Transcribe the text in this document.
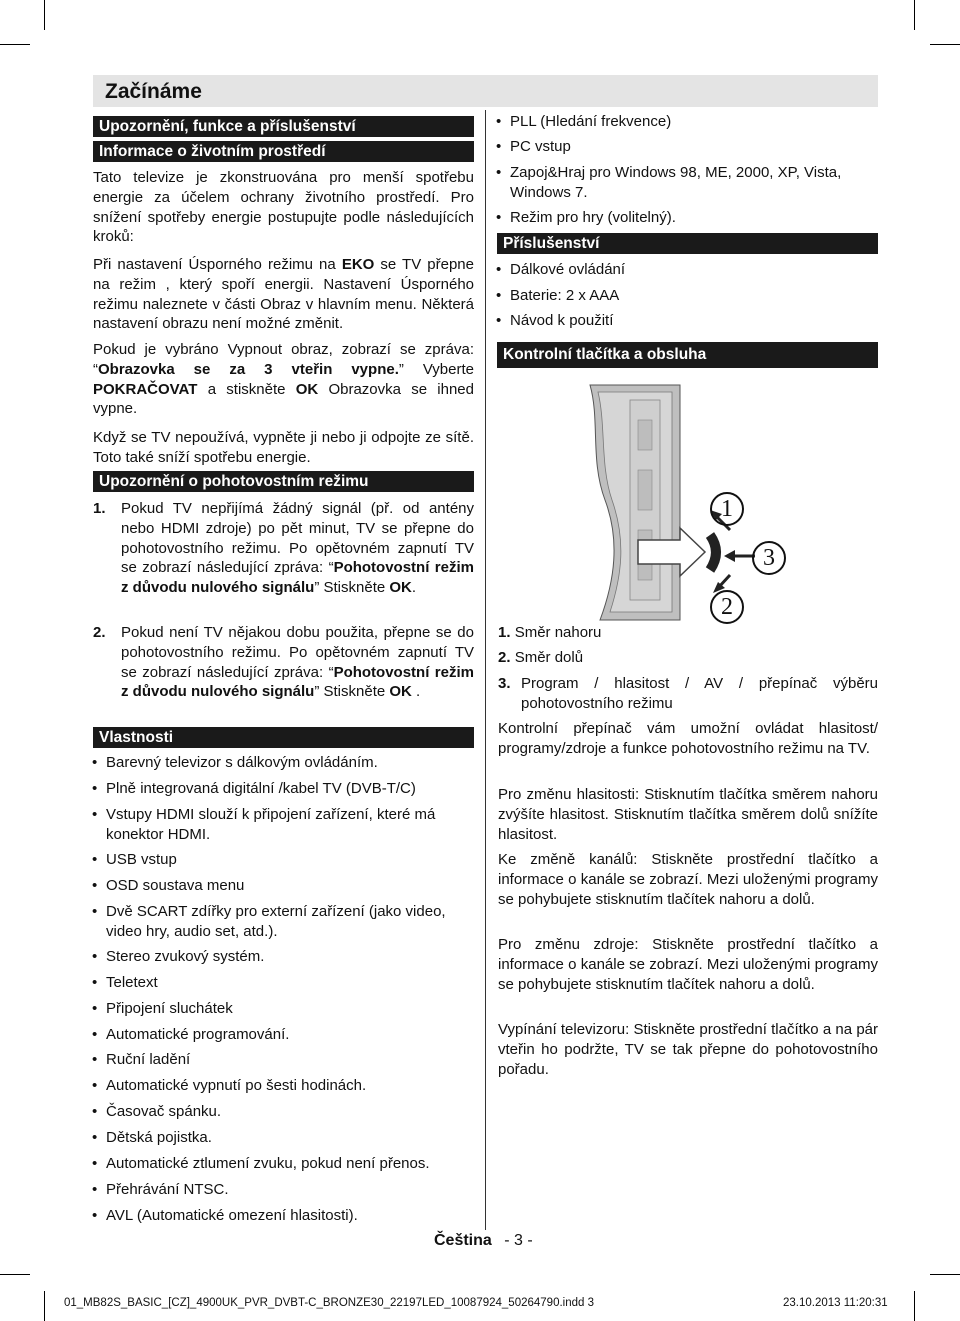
Začínáme
Upozornění, funkce a příslušenství
Informace o životním prostředí
Tato televize je zkonstruována pro menší spotřebu energie za účelem ochrany životního prostředí. Pro snížení spotřeby energie postupujte podle následujících kroků:
Při nastavení Úsporného režimu na EKO se TV přepne na režim , který spoří energii. Nastavení Úsporného režimu naleznete v části Obraz v hlavním menu. Některá nastavení obrazu není možné změnit.
Pokud je vybráno Vypnout obraz, zobrazí se zpráva: “Obrazovka se za 3 vteřin vypne.” Vyberte POKRAČOVAT a stiskněte OK Obrazovka se ihned vypne.
Když se TV nepoužívá, vypněte ji nebo ji odpojte ze sítě. Toto také sníží spotřebu energie.
Upozornění o pohotovostním režimu
1. Pokud TV nepřijímá žádný signál (př. od antény nebo HDMI zdroje) po pět minut, TV se přepne do pohotovostního režimu. Po opětovném zapnutí TV se zobrazí následující zpráva: “Pohotovostní režim z důvodu nulového signálu” Stiskněte OK.
2. Pokud není TV nějakou dobu použita, přepne se do pohotovostního režimu. Po opětovném zapnutí TV se zobrazí následující zpráva: “Pohotovostní režim z důvodu nulového signálu” Stiskněte OK .
Vlastnosti
• Barevný televizor s dálkovým ovládáním.
• Plně integrovaná digitální /kabel TV (DVB-T/C)
• Vstupy HDMI slouží k připojení zařízení, které má konektor HDMI.
• USB vstup
• OSD soustava menu
• Dvě SCART zdířky pro externí zařízení (jako video, video hry, audio set, atd.).
• Stereo zvukový systém.
• Teletext
• Připojení sluchátek
• Automatické programování.
• Ruční ladění
• Automatické vypnutí po šesti hodinách.
• Časovač spánku.
• Dětská pojistka.
• Automatické ztlumení zvuku, pokud není přenos.
• Přehrávání NTSC.
• AVL (Automatické omezení hlasitosti).
• PLL (Hledání frekvence)
• PC vstup
• Zapoj&Hraj pro Windows 98, ME, 2000, XP, Vista, Windows 7.
• Režim pro hry (volitelný).
Příslušenství
• Dálkové ovládání
• Baterie: 2 x AAA
• Návod k použití
Kontrolní tlačítka a obsluha
1
2
3
1. Směr nahoru
2. Směr dolů
3. Program / hlasitost / AV / přepínač výběru pohotovostního režimu
Kontrolní přepínač vám umožní ovládat hlasitost/ programy/zdroje a funkce pohotovostního režimu na TV.
Pro změnu hlasitosti: Stisknutím tlačítka směrem nahoru zvýšíte hlasitost. Stisknutím tlačítka směrem dolů snížíte hlasitost.
Ke změně kanálů: Stiskněte prostřední tlačítko a informace o kanále se zobrazí. Mezi uloženými programy se pohybujete stisknutím tlačítek nahoru a dolů.
Pro změnu zdroje: Stiskněte prostřední tlačítko a informace o kanále se zobrazí. Mezi uloženými programy se pohybujete stisknutím tlačítek nahoru a dolů.
Vypínání televizoru: Stiskněte prostřední tlačítko a na pár vteřin ho podržte, TV se tak přepne do pohotovostního pořadu.
Čeština - 3 -
01_MB82S_BASIC_[CZ]_4900UK_PVR_DVBT-C_BRONZE30_22197LED_10087924_50264790.indd 3	23.10.2013 11:20:31
